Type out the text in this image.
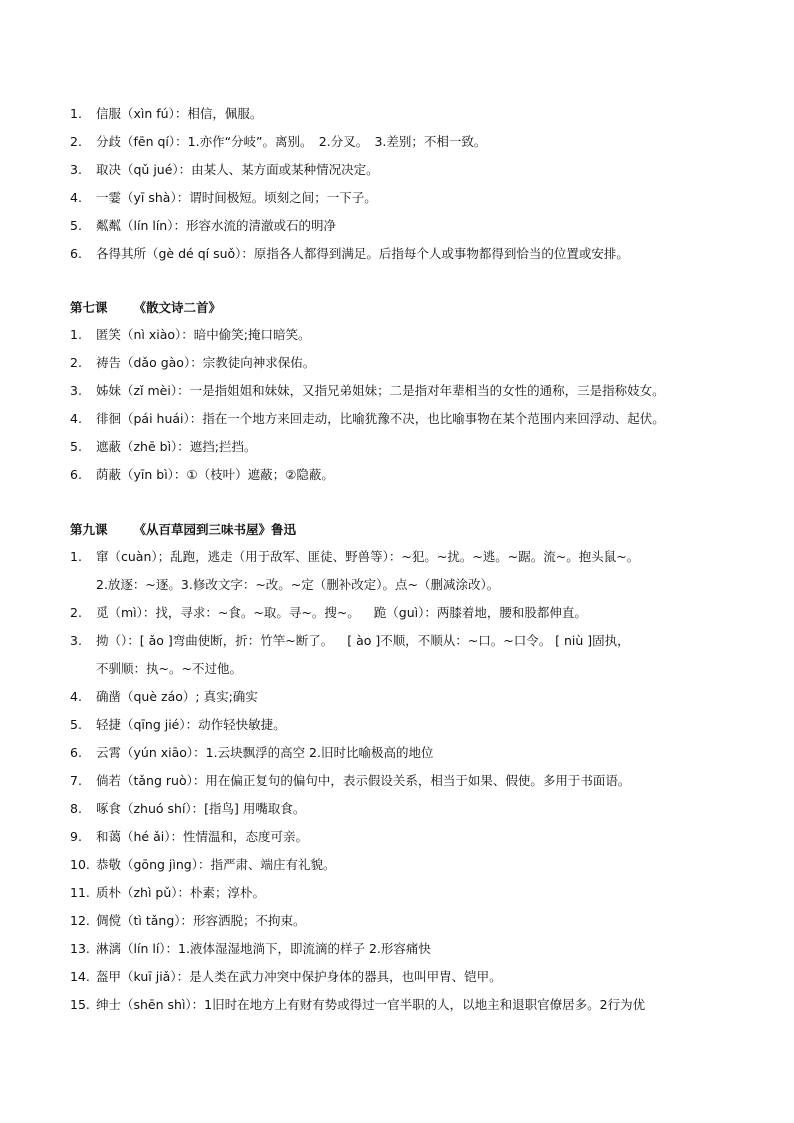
1. 信服（xìn fú）：相信，佩服。
2. 分歧（fēn qí）：1.亦作“分岐”。离别。　2.分叉。　3.差别；不相一致。
3. 取决（qǔ jué）：由某人、某方面或某种情况决定。
4. 一霎（yī shà）：谓时间极短。顷刻之间；一下子。
5. 粼粼（lín lín）：形容水流的清澈或石的明净
6. 各得其所（gè dé qí suǒ）：原指各人都得到满足。后指每个人或事物都得到恰当的位置或安排。
第七课 《散文诗二首》
1. 匿笑（nì xiào）：暗中偷笑;掩口暗笑。
2. 祷告（dǎo gào）：宗教徒向神求保佑。
3. 姊妹（zǐ mèi）：一是指姐姐和妹妹，又指兄弟姐妹；二是指对年辈相当的女性的通称，三是指称妓女。
4. 徘徊（pái huái）：指在一个地方来回走动，比喻犹豫不决，也比喻事物在某个范围内来回浮动、起伏。
5. 遮蔽（zhē bì）：遮挡;拦挡。
6. 荫蔽（yīn bì）：①（枝叶）遮蔽；②隐蔽。
第九课 《从百草园到三味书屋》鲁迅
1. 窜（cuàn）；乱跑，逃走（用于敌军、匪徒、野兽等）：~犯。~扰。~逃。~踞。流~。抱头鼠~。
2.放逐：~逐。3.修改文字：~改。~定（删补改定）。点~（删减涂改）。
2. 觅（mì）：找，寻求：~食。~取。寻~。搜~。 跪（guì）：两膝着地，腰和股都伸直。
3. 拗（）：[ ǎo ]弯曲使断，折：竹竿~断了。 [ ào ]不顺，不顺从：~口。~口令。 [ niù ]固执，
不驯顺：执~。~不过他。
4. 确凿（què záo）; 真实;确实
5. 轻捷（qīng jié）：动作轻快敏捷。
6. 云霄（yún xiāo）：1.云块飘浮的高空 2.旧时比喻极高的地位
7. 倘若（tǎng ruò）：用在偏正复句的偏句中，表示假设关系，相当于如果、假使。多用于书面语。
8. 啄食（zhuó shí）：[指鸟] 用嘴取食。
9. 和蔼（hé ǎi）：性情温和，态度可亲。
10. 恭敬（gōng jìng）：指严肃、端庄有礼貌。
11. 质朴（zhì pǔ）：朴素；淳朴。
12. 倜傥（tì tǎng）：形容洒脱；不拘束。
13. 淋漓（lín lí）：1.液体湿湿地淌下，即流滴的样子 2.形容痛快
14. 盔甲（kuī jiǎ）：是人类在武力冲突中保护身体的器具，也叫甲胄、铠甲。
15. 绅士（shēn shì）：1旧时在地方上有财有势或得过一官半职的人，以地主和退职官僚居多。2行为优
